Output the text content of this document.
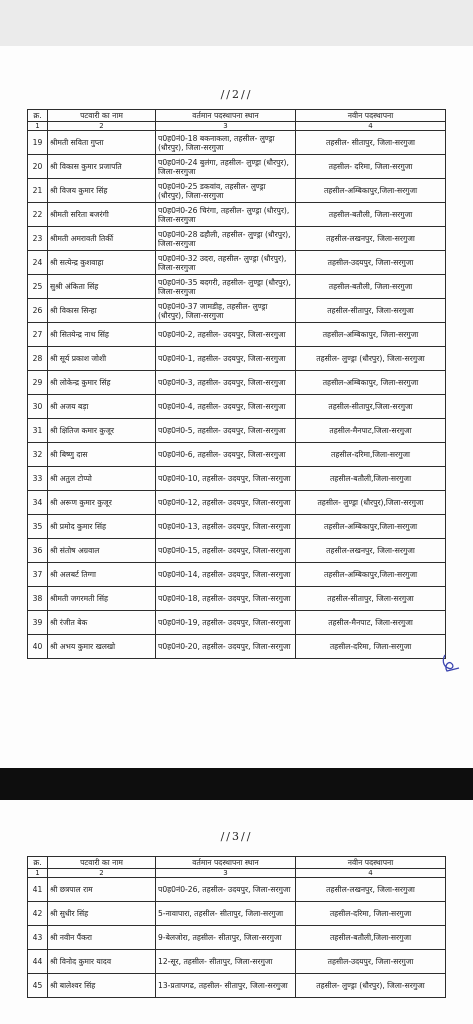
//2//
क्र.	पटवारी का नाम	वर्तमान पदस्थापना स्थान	नवीन पदस्थापना
1	2	3	4
19	श्रीमती सविता गुप्ता	प0ह0नं0-18 बकनाकला, तहसील- लुण्ड्रा (धौरपुर), जिला-सरगुजा	तहसील- सीतापुर, जिला-सरगुजा
20	श्री विकास कुमार प्रजापति	प0ह0नं0-24 बुलंगा, तहसील- लुण्ड्रा (धौरपुर), जिला-सरगुजा	तहसील- दरिमा, जिला-सरगुजा
21	श्री विजय कुमार सिंह	प0ह0नं0-25 डकवांव, तहसील- लुण्ड्रा (धौरपुर), जिला-सरगुजा	तहसील-अम्बिकापुर,जिला-सरगुजा
22	श्रीमती सरिता बजरंगी	प0ह0नं0-26 चिरंगा, तहसील- लुण्ड्रा (धौरपुर), जिला-सरगुजा	तहसील-बतौली, जिला-सरगुजा
23	श्रीमती अमरावती तिर्की	प0ह0नं0-28 ढहौली, तहसील- लुण्ड्रा (धौरपुर), जिला-सरगुजा	तहसील-लखनपुर, जिला-सरगुजा
24	श्री सत्येन्द्र कुशवाहा	प0ह0नं0-32 उदरा, तहसील- लुण्ड्रा (धौरपुर), जिला-सरगुजा	तहसील-उदयपुर, जिला-सरगुजा
25	सुश्री अंकिता सिंह	प0ह0नं0-35 बदगरी, तहसील- लुण्ड्रा (धौरपुर), जिला-सरगुजा	तहसील-बतौली, जिला-सरगुजा
26	श्री विकास सिन्हा	प0ह0नं0-37 जामडीह, तहसील- लुण्ड्रा (धौरपुर), जिला-सरगुजा	तहसील-सीतापुर, जिला-सरगुजा
27	श्री सितयेन्द्र नाथ सिंह	प0ह0नं0-2, तहसील- उदयपुर, जिला-सरगुजा	तहसील-अम्बिकापुर, जिला-सरगुजा
28	श्री सूर्य प्रकाश जोशी	प0ह0नं0-1, तहसील- उदयपुर, जिला-सरगुजा	तहसील- लुण्ड्रा (धौरपुर), जिला-सरगुजा
29	श्री लोकेन्द्र कुमार सिंह	प0ह0नं0-3, तहसील- उदयपुर, जिला-सरगुजा	तहसील-अम्बिकापुर, जिला-सरगुजा
30	श्री अजय बड़ा	प0ह0नं0-4, तहसील- उदयपुर, जिला-सरगुजा	तहसील-सीतापुर,जिला-सरगुजा
31	श्री क्षितिज कमार कुजूर	प0ह0नं0-5, तहसील- उदयपुर, जिला-सरगुजा	तहसील-मैनपाट,जिला-सरगुजा
32	श्री बिष्णु दास	प0ह0नं0-6, तहसील- उदयपुर, जिला-सरगुजा	तहसील-दरिमा,जिला-सरगुजा
33	श्री अतुल टोप्पो	प0ह0नं0-10, तहसील- उदयपुर, जिला-सरगुजा	तहसील-बतौली,जिला-सरगुजा
34	श्री अरूण कुमार कुजूर	प0ह0नं0-12, तहसील- उदयपुर, जिला-सरगुजा	तहसील- लुण्ड्रा (धौरपुर),जिला-सरगुजा
35	श्री प्रमोद कुमार सिंह	प0ह0नं0-13, तहसील- उदयपुर, जिला-सरगुजा	तहसील-अम्बिकापुर,जिला-सरगुजा
36	श्री संतोष अग्रवाल	प0ह0नं0-15, तहसील- उदयपुर, जिला-सरगुजा	तहसील-लखनपुर, जिला-सरगुजा
37	श्री अलबर्ट तिग्गा	प0ह0नं0-14, तहसील- उदयपुर, जिला-सरगुजा	तहसील-अम्बिकापुर,जिला-सरगुजा
38	श्रीमती जगरमती सिंह	प0ह0नं0-18, तहसील- उदयपुर, जिला-सरगुजा	तहसील-सीतापुर, जिला-सरगुजा
39	श्री रंजीत बेक	प0ह0नं0-19, तहसील- उदयपुर, जिला-सरगुजा	तहसील-मैनपाट, जिला-सरगुजा
40	श्री अभय कुमार खलखो	प0ह0नं0-20, तहसील- उदयपुर, जिला-सरगुजा	तहसील-दरिमा, जिला-सरगुजा
//3//
क्र.	पटवारी का नाम	वर्तमान पदस्थापना स्थान	नवीन पदस्थापना
1	2	3	4
41	श्री छत्रपाल राम	प0ह0नं0-26, तहसील- उदयपुर, जिला-सरगुजा	तहसील-लखनपुर, जिला-सरगुजा
42	श्री सुधीर सिंह	5-नावापारा, तहसील- सीतापुर, जिला-सरगुजा	तहसील-दरिमा, जिला-सरगुजा
43	श्री नवीन पैंकरा	9-बेलजोरा, तहसील- सीतापुर, जिला-सरगुजा	तहसील-बतौली,जिला-सरगुजा
44	श्री विनोद कुमार यादव	12-सूर, तहसील- सीतापुर, जिला-सरगुजा	तहसील-उदयपुर, जिला-सरगुजा
45	श्री बालेश्वर सिंह	13-प्रतापगढ, तहसील- सीतापुर, जिला-सरगुजा	तहसील- लुण्ड्रा (धौरपुर), जिला-सरगुजा
